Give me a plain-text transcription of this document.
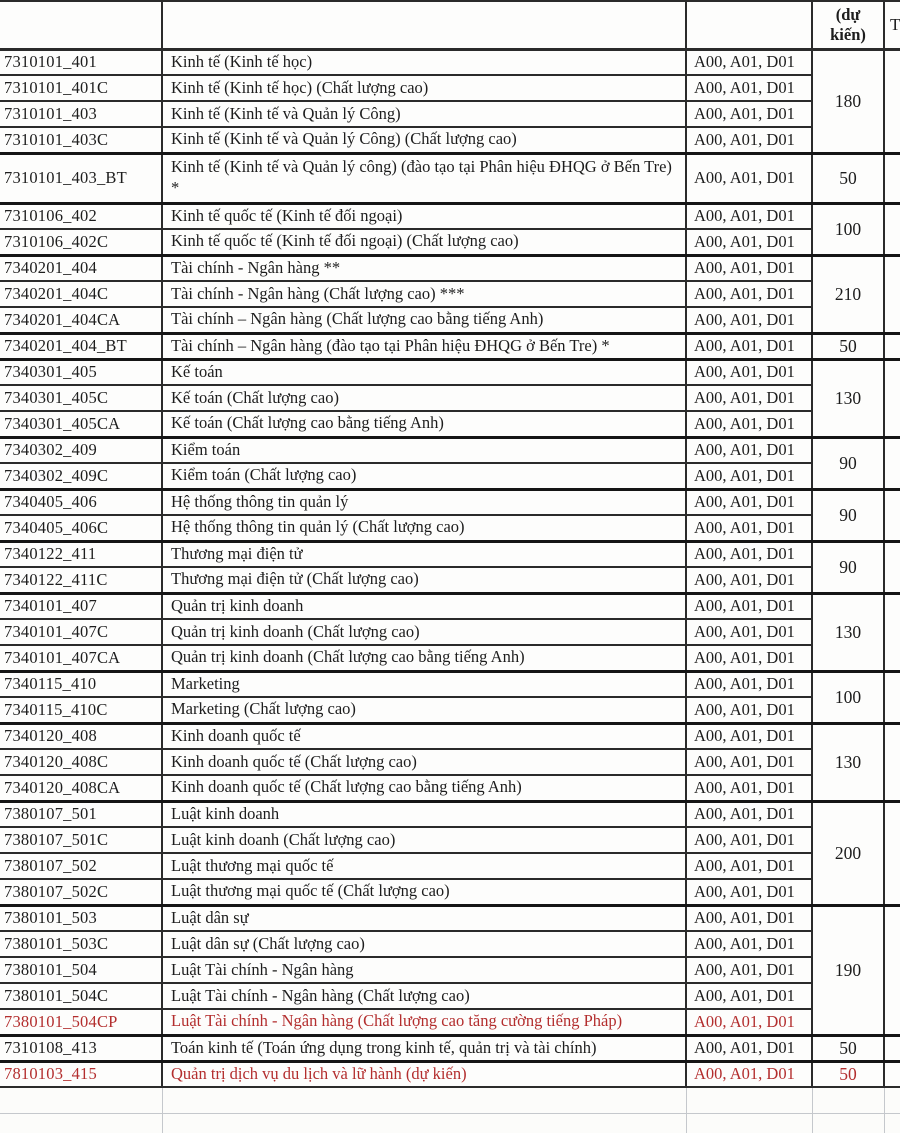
			(dự kiến)	T
7310101_401	Kinh tế (Kinh tế học)	A00, A01, D01	180	
7310101_401C	Kinh tế (Kinh tế học) (Chất lượng cao)	A00, A01, D01		
7310101_403	Kinh tế (Kinh tế và Quản lý Công)	A00, A01, D01		
7310101_403C	Kinh tế (Kinh tế và Quản lý Công) (Chất lượng cao)	A00, A01, D01		
7310101_403_BT	Kinh tế (Kinh tế và Quản lý công) (đào tạo tại Phân hiệu ĐHQG ở Bến Tre) *	A00, A01, D01	50	
7310106_402	Kinh tế quốc tế (Kinh tế đối ngoại)	A00, A01, D01	100	
7310106_402C	Kinh tế quốc tế (Kinh tế đối ngoại) (Chất lượng cao)	A00, A01, D01		
7340201_404	Tài chính - Ngân hàng **	A00, A01, D01	210	
7340201_404C	Tài chính - Ngân hàng (Chất lượng cao) ***	A00, A01, D01		
7340201_404CA	Tài chính – Ngân hàng (Chất lượng cao bằng tiếng Anh)	A00, A01, D01		
7340201_404_BT	Tài chính – Ngân hàng (đào tạo tại Phân hiệu ĐHQG ở Bến Tre) *	A00, A01, D01	50	
7340301_405	Kế toán	A00, A01, D01	130	
7340301_405C	Kế toán (Chất lượng cao)	A00, A01, D01		
7340301_405CA	Kế toán (Chất lượng cao bằng tiếng Anh)	A00, A01, D01		
7340302_409	Kiểm toán	A00, A01, D01	90	
7340302_409C	Kiểm toán (Chất lượng cao)	A00, A01, D01		
7340405_406	Hệ thống thông tin quản lý	A00, A01, D01	90	
7340405_406C	Hệ thống thông tin quản lý (Chất lượng cao)	A00, A01, D01		
7340122_411	Thương mại điện tử	A00, A01, D01	90	
7340122_411C	Thương mại điện tử (Chất lượng cao)	A00, A01, D01		
7340101_407	Quản trị kinh doanh	A00, A01, D01	130	
7340101_407C	Quản trị kinh doanh (Chất lượng cao)	A00, A01, D01		
7340101_407CA	Quản trị kinh doanh (Chất lượng cao bằng tiếng Anh)	A00, A01, D01		
7340115_410	Marketing	A00, A01, D01	100	
7340115_410C	Marketing (Chất lượng cao)	A00, A01, D01		
7340120_408	Kinh doanh quốc tế	A00, A01, D01	130	
7340120_408C	Kinh doanh quốc tế (Chất lượng cao)	A00, A01, D01		
7340120_408CA	Kinh doanh quốc tế (Chất lượng cao bằng tiếng Anh)	A00, A01, D01		
7380107_501	Luật kinh doanh	A00, A01, D01	200	
7380107_501C	Luật kinh doanh (Chất lượng cao)	A00, A01, D01		
7380107_502	Luật thương mại quốc tế	A00, A01, D01		
7380107_502C	Luật thương mại quốc tế (Chất lượng cao)	A00, A01, D01		
7380101_503	Luật dân sự	A00, A01, D01	190	
7380101_503C	Luật dân sự (Chất lượng cao)	A00, A01, D01		
7380101_504	Luật Tài chính - Ngân hàng	A00, A01, D01		
7380101_504C	Luật Tài chính - Ngân hàng (Chất lượng cao)	A00, A01, D01		
7380101_504CP	Luật Tài chính - Ngân hàng (Chất lượng cao tăng cường tiếng Pháp)	A00, A01, D01		
7310108_413	Toán kinh tế (Toán ứng dụng trong kinh tế, quản trị và tài chính)	A00, A01, D01	50	
7810103_415	Quản trị dịch vụ du lịch và lữ hành (dự kiến)	A00, A01, D01	50	
